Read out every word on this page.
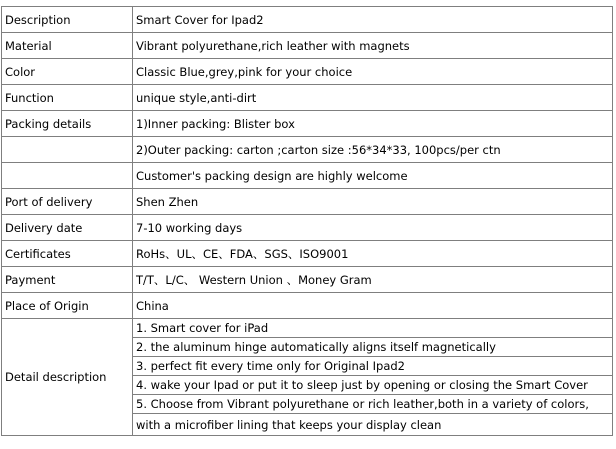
Description	Smart Cover for Ipad2
Material	Vibrant polyurethane,rich leather with magnets
Color	Classic Blue,grey,pink for your choice
Function	unique style,anti-dirt
Packing details	1)Inner packing: Blister box
	2)Outer packing: carton ;carton size :56*34*33, 100pcs/per ctn
	Customer's packing design are highly welcome
Port of delivery	Shen Zhen
Delivery date	7-10 working days
Certificates	RoHs、UL、CE、FDA、SGS、ISO9001
Payment	T/T、L/C、 Western Union 、Money Gram
Place of Origin	China
Detail description	1. Smart cover for iPad
	2. the aluminum hinge automatically aligns itself magnetically
	3. perfect fit every time only for Original Ipad2
	4. wake your Ipad or put it to sleep just by opening or closing the Smart Cover
	5. Choose from Vibrant polyurethane or rich leather,both in a variety of colors,
	with a microfiber lining that keeps your display clean
